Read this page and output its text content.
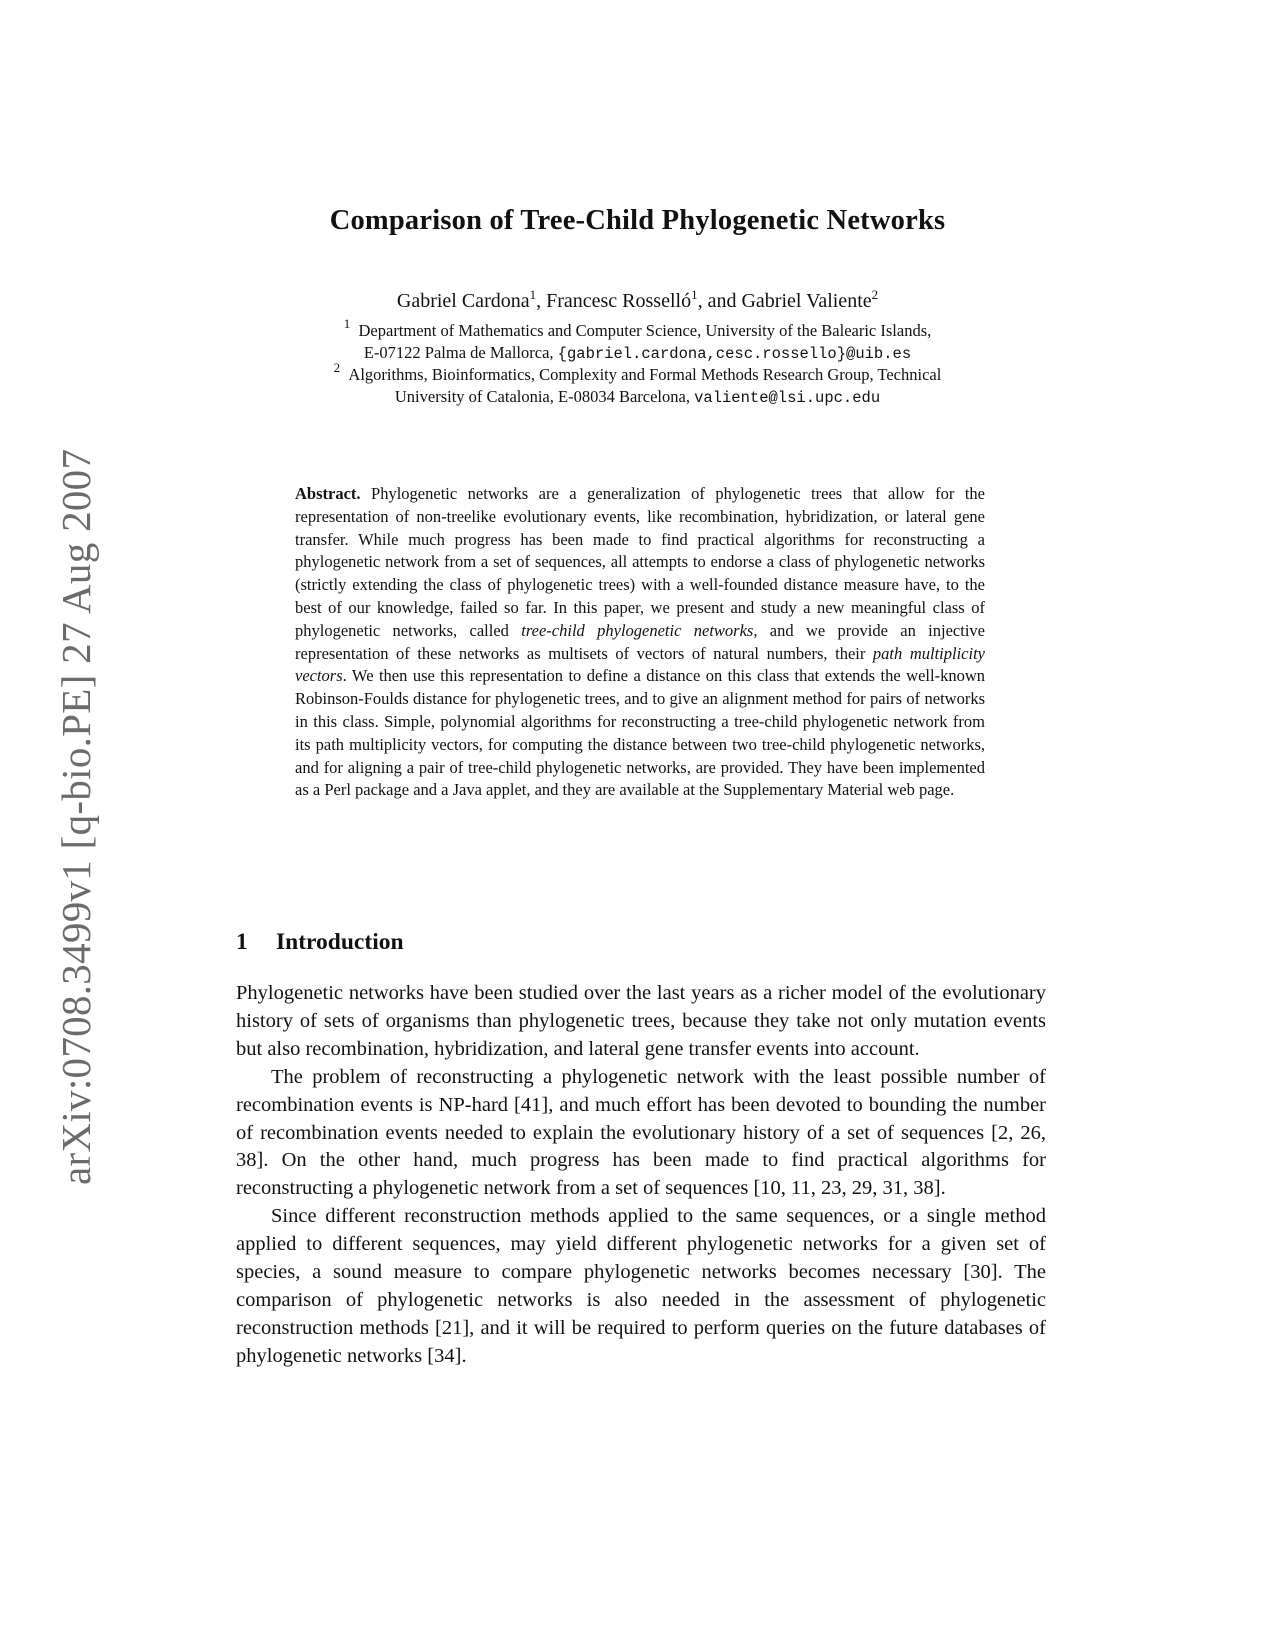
arXiv:0708.3499v1 [q-bio.PE] 27 Aug 2007
Comparison of Tree-Child Phylogenetic Networks
Gabriel Cardona$^1$, Francesc Rosselló$^1$, and Gabriel Valiente$^2$
$^1$ Department of Mathematics and Computer Science, University of the Balearic Islands,
E-07122 Palma de Mallorca, {gabriel.cardona,cesc.rossello}@uib.es
$^2$ Algorithms, Bioinformatics, Complexity and Formal Methods Research Group, Technical
University of Catalonia, E-08034 Barcelona, valiente@lsi.upc.edu
Abstract. Phylogenetic networks are a generalization of phylogenetic trees that allow for the representation of non-treelike evolutionary events, like recombination, hybridization, or lateral gene transfer. While much progress has been made to find practical algorithms for reconstructing a phylogenetic network from a set of sequences, all attempts to endorse a class of phylogenetic networks (strictly extending the class of phylogenetic trees) with a well-founded distance measure have, to the best of our knowledge, failed so far. In this paper, we present and study a new meaningful class of phylogenetic networks, called tree-child phylogenetic networks, and we provide an injective representation of these networks as multisets of vectors of natural numbers, their path multiplicity vectors. We then use this representation to define a distance on this class that extends the well-known Robinson-Foulds distance for phylogenetic trees, and to give an alignment method for pairs of networks in this class. Simple, polynomial algorithms for reconstructing a tree-child phylogenetic network from its path multiplicity vectors, for computing the distance between two tree-child phylogenetic networks, and for aligning a pair of tree-child phylogenetic networks, are provided. They have been implemented as a Perl package and a Java applet, and they are available at the Supplementary Material web page.
1 Introduction

Phylogenetic networks have been studied over the last years as a richer model of the evolutionary history of sets of organisms than phylogenetic trees, because they take not only mutation events but also recombination, hybridization, and lateral gene transfer events into account.

The problem of reconstructing a phylogenetic network with the least possible number of recombination events is NP-hard [41], and much effort has been devoted to bounding the number of recombination events needed to explain the evolutionary history of a set of sequences [2, 26, 38]. On the other hand, much progress has been made to find practical algorithms for reconstructing a phylogenetic network from a set of sequences [10, 11, 23, 29, 31, 38].

Since different reconstruction methods applied to the same sequences, or a single method applied to different sequences, may yield different phylogenetic networks for a given set of species, a sound measure to compare phylogenetic networks becomes necessary [30]. The comparison of phylogenetic networks is also needed in the assessment of phylogenetic reconstruction methods [21], and it will be required to perform queries on the future databases of phylogenetic networks [34].
